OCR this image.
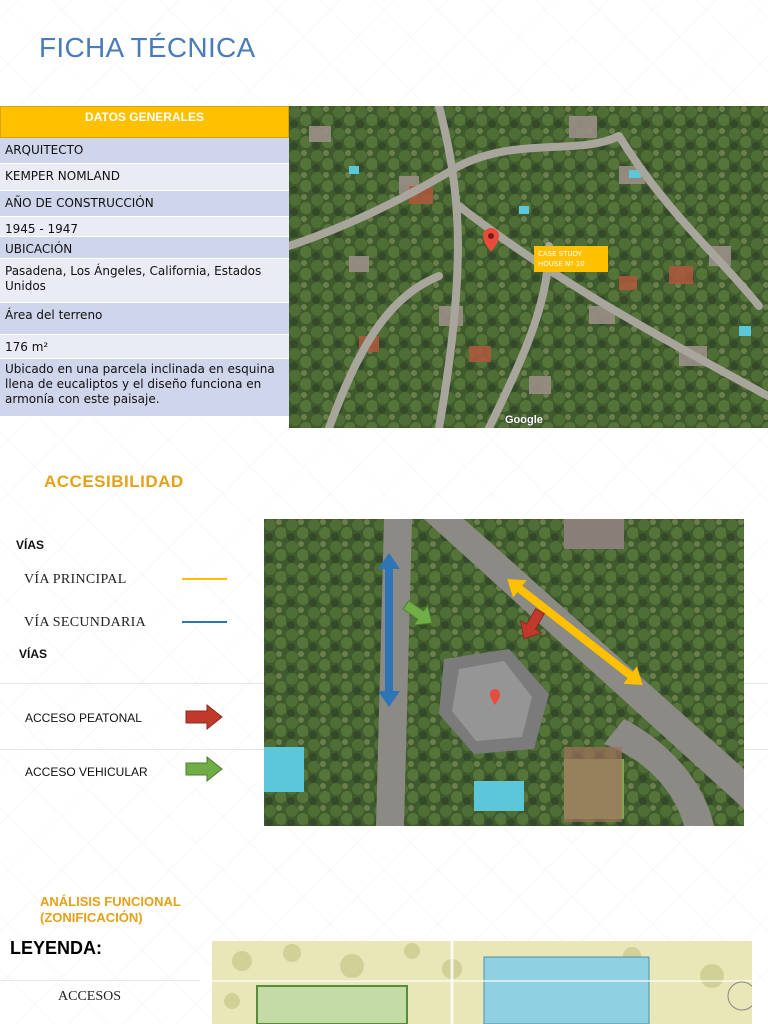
FICHA TÉCNICA
DATOS GENERALES
ARQUITECTO
KEMPER NOMLAND
AÑO DE CONSTRUCCIÓN
1945 - 1947
UBICACIÓN
Pasadena, Los Ángeles, California, Estados Unidos
Área del terreno
176 m²
Ubicado en una parcela inclinada en esquina llena de eucaliptos y el diseño funciona en armonía con este paisaje.
CASE STUDY HOUSE Nº 10
Google
ACCESIBILIDAD
VÍAS
VÍA PRINCIPAL
VÍA SECUNDARIA
VÍAS
ACCESO PEATONAL
ACCESO VEHICULAR
ANÁLISIS FUNCIONAL
(ZONIFICACIÓN)
LEYENDA:
ACCESOS
